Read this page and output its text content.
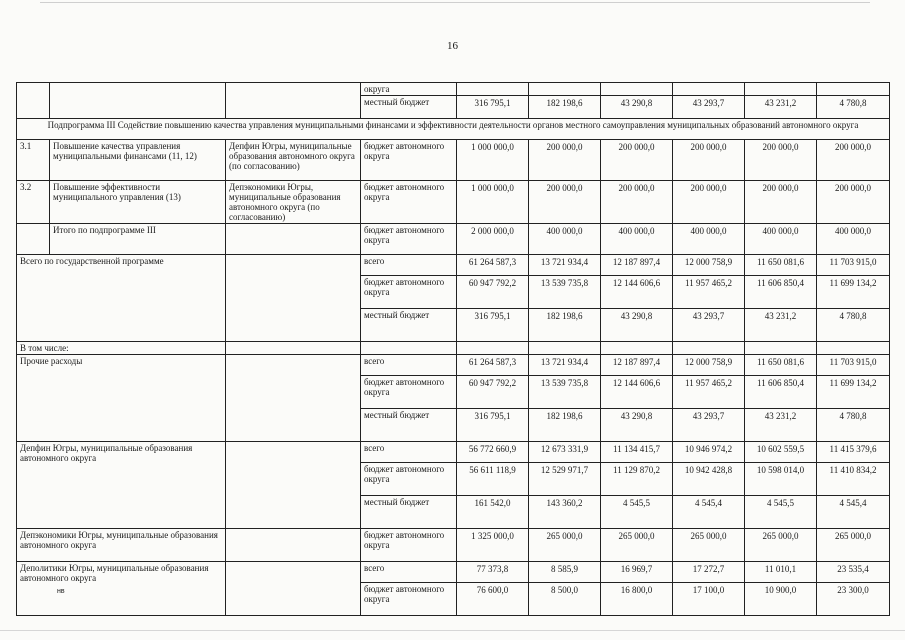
16
			округа						
			местный бюджет	316 795,1	182 198,6	43 290,8	43 293,7	43 231,2	4 780,8
Подпрограмма III Содействие повышению качества управления муниципальными финансами и эффективности деятельности органов местного самоуправления муниципальных образований автономного округа									
3.1	Повышение качества управления муниципальными финансами (11, 12)	Депфин Югры, муниципальные образования автономного округа (по согласованию)	бюджет автономного округа	1 000 000,0	200 000,0	200 000,0	200 000,0	200 000,0	200 000,0
3.2	Повышение эффективности муниципального управления (13)	Депэкономики Югры, муниципальные образования автономного округа (по согласованию)	бюджет автономного округа	1 000 000,0	200 000,0	200 000,0	200 000,0	200 000,0	200 000,0
	Итого по подпрограмме III		бюджет автономного округа	2 000 000,0	400 000,0	400 000,0	400 000,0	400 000,0	400 000,0
Всего по государственной программе			всего	61 264 587,3	13 721 934,4	12 187 897,4	12 000 758,9	11 650 081,6	11 703 915,0
			бюджет автономного округа	60 947 792,2	13 539 735,8	12 144 606,6	11 957 465,2	11 606 850,4	11 699 134,2
			местный бюджет	316 795,1	182 198,6	43 290,8	43 293,7	43 231,2	4 780,8
В том числе:									
Прочие расходы			всего	61 264 587,3	13 721 934,4	12 187 897,4	12 000 758,9	11 650 081,6	11 703 915,0
			бюджет автономного округа	60 947 792,2	13 539 735,8	12 144 606,6	11 957 465,2	11 606 850,4	11 699 134,2
			местный бюджет	316 795,1	182 198,6	43 290,8	43 293,7	43 231,2	4 780,8
Депфин Югры, муниципальные образования автономного округа			всего	56 772 660,9	12 673 331,9	11 134 415,7	10 946 974,2	10 602 559,5	11 415 379,6
			бюджет автономного округа	56 611 118,9	12 529 971,7	11 129 870,2	10 942 428,8	10 598 014,0	11 410 834,2
			местный бюджет	161 542,0	143 360,2	4 545,5	4 545,4	4 545,5	4 545,4
Депэкономики Югры, муниципальные образования автономного округа			бюджет автономного округа	1 325 000,0	265 000,0	265 000,0	265 000,0	265 000,0	265 000,0
Деполитики Югры, муниципальные образования автономного округа			всего	77 373,8	8 585,9	16 969,7	17 272,7	11 010,1	23 535,4
			бюджет автономного округа	76 600,0	8 500,0	16 800,0	17 100,0	10 900,0	23 300,0
нв
